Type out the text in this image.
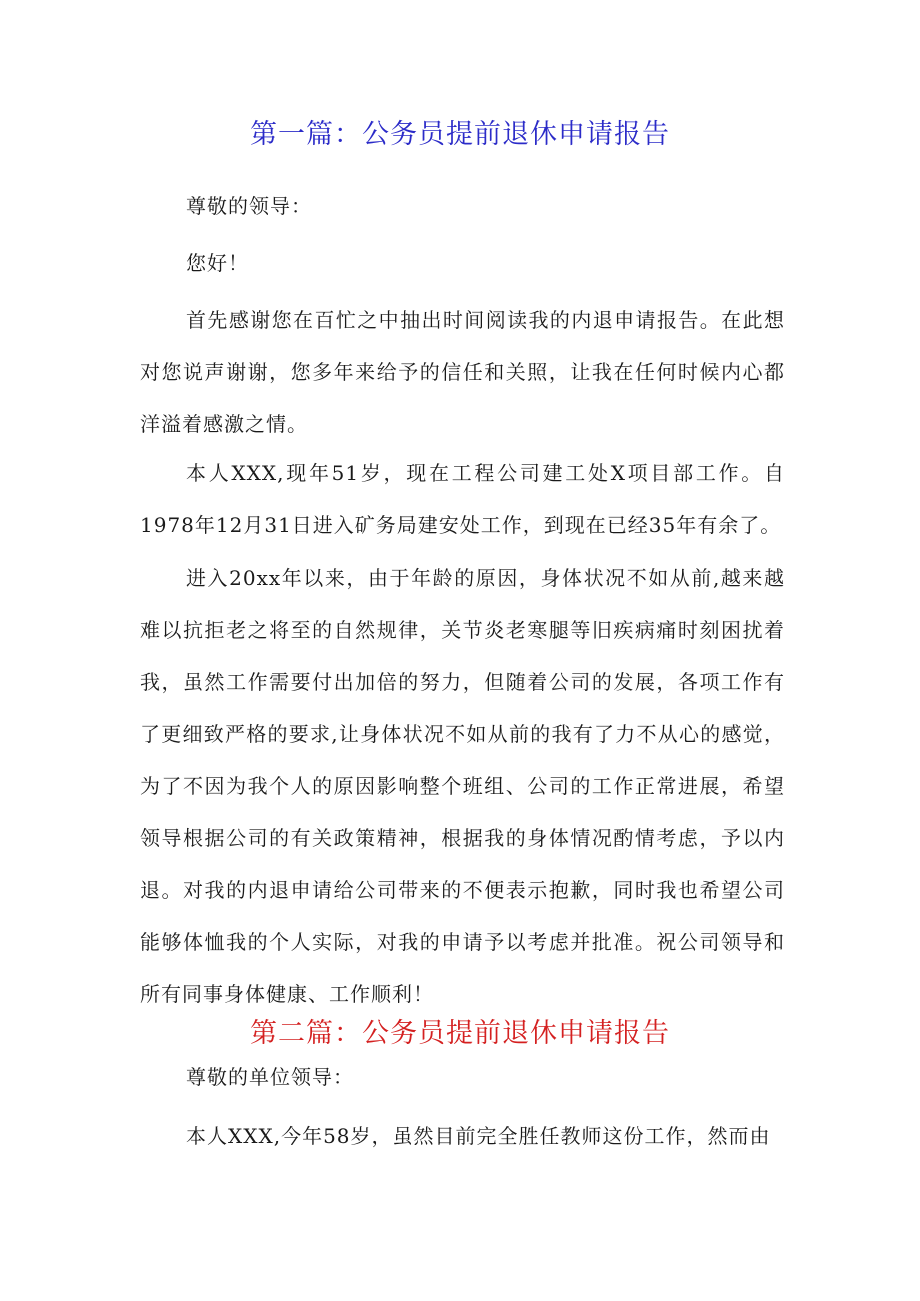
第一篇：公务员提前退休申请报告

尊敬的领导：

您好！

首先感谢您在百忙之中抽出时间阅读我的内退申请报告。在此想对您说声谢谢，您多年来给予的信任和关照，让我在任何时候内心都洋溢着感激之情。

本人XXX,现年51岁，现在工程公司建工处X项目部工作。自1978年12月31日进入矿务局建安处工作，到现在已经35年有余了。

进入20xx年以来，由于年龄的原因，身体状况不如从前,越来越难以抗拒老之将至的自然规律，关节炎老寒腿等旧疾病痛时刻困扰着我，虽然工作需要付出加倍的努力，但随着公司的发展，各项工作有了更细致严格的要求,让身体状况不如从前的我有了力不从心的感觉，为了不因为我个人的原因影响整个班组、公司的工作正常进展，希望领导根据公司的有关政策精神，根据我的身体情况酌情考虑，予以内退。对我的内退申请给公司带来的不便表示抱歉，同时我也希望公司能够体恤我的个人实际，对我的申请予以考虑并批准。祝公司领导和所有同事身体健康、工作顺利！

第二篇：公务员提前退休申请报告

尊敬的单位领导：

本人XXX,今年58岁，虽然目前完全胜任教师这份工作，然而由
